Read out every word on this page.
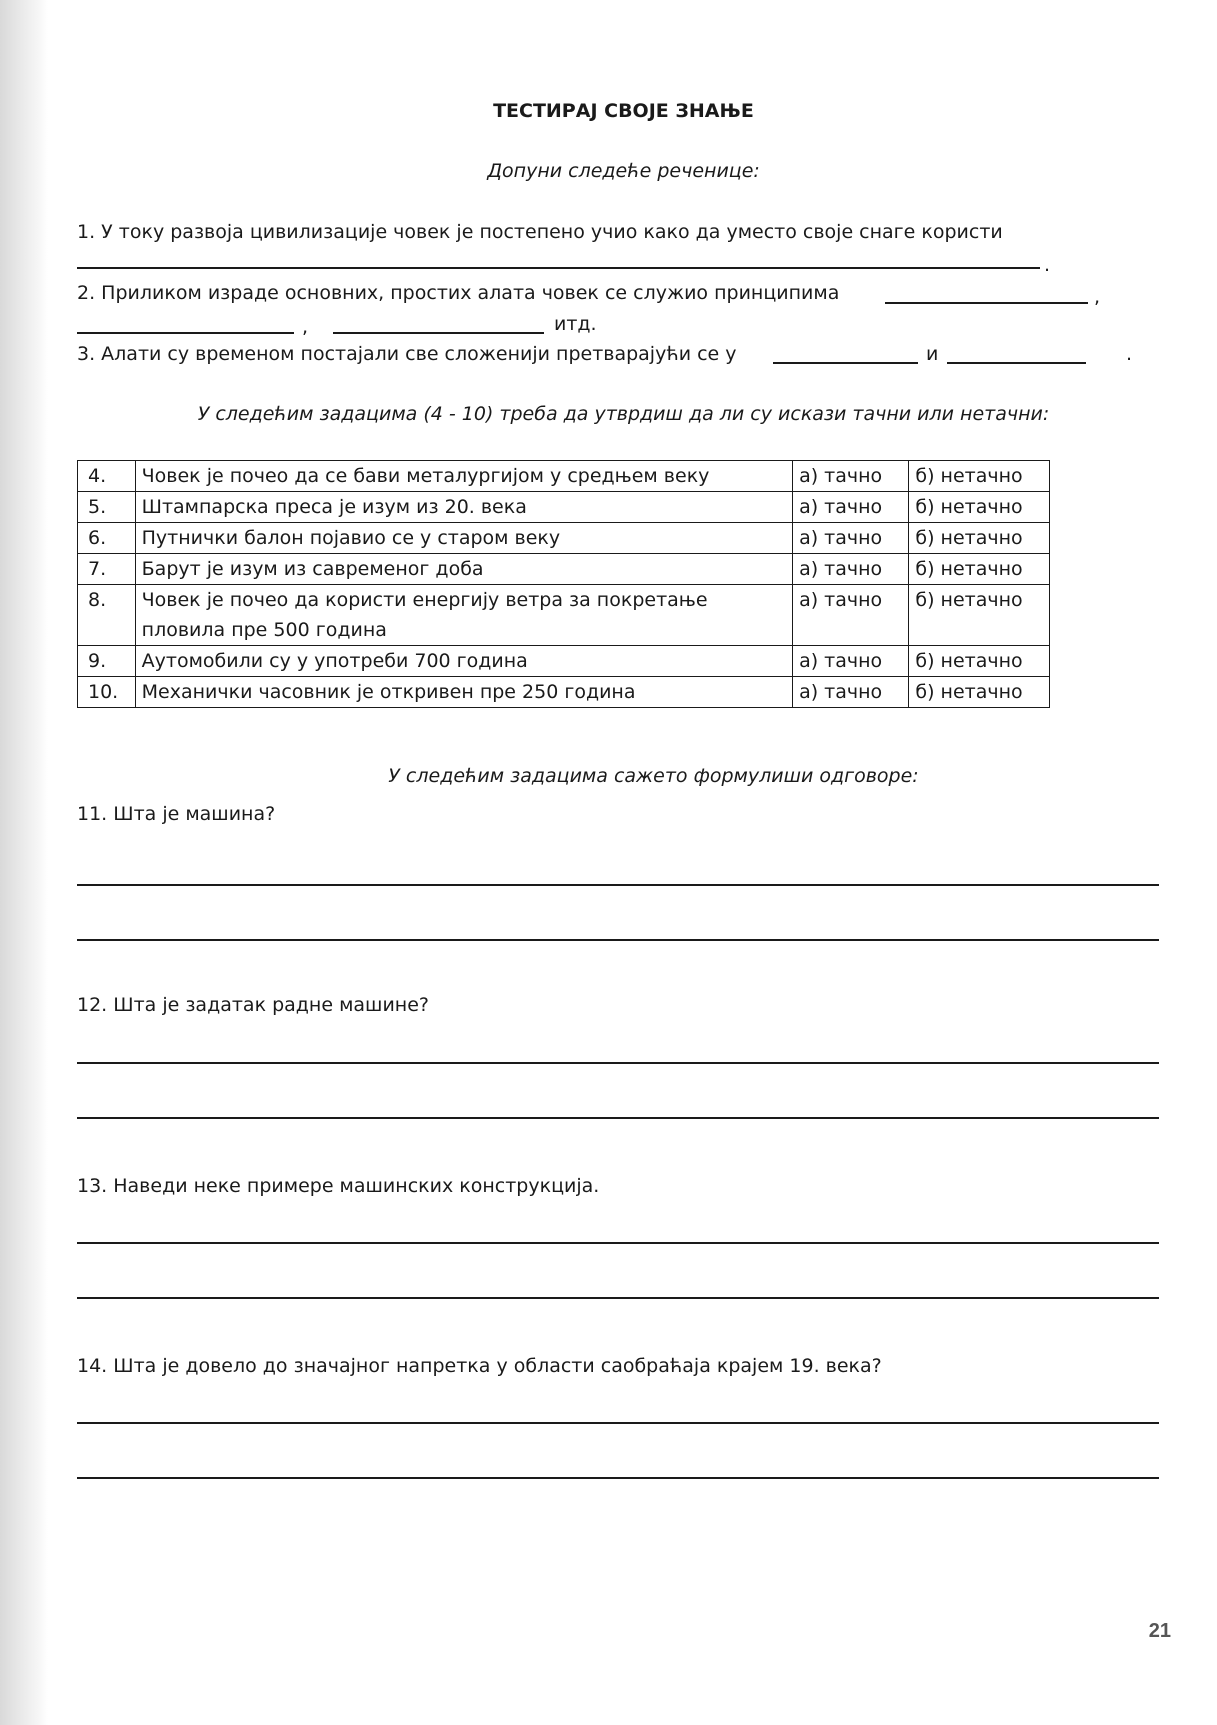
ТЕСТИРАЈ СВОЈЕ ЗНАЊЕ
Допуни следеће реченице:
1. У току развоја цивилизације човек је постепено учио како да уместо своје снаге користи
.
2. Приликом израде основних, простих алата човек се служио принципима	,
,	итд.
3. Алати су временом постајали све сложенији претварајући се у	и	.
У следећим задацима (4 - 10) треба да утврдиш да ли су искази тачни или нетачни:
4.	Човек је почео да се бави металургијом у средњем веку	а) тачно	б) нетачно
5.	Штампарска преса је изум из 20. века	а) тачно	б) нетачно
6.	Путнички балон појавио се у старом веку	а) тачно	б) нетачно
7.	Барут је изум из савременог доба	а) тачно	б) нетачно
8.	Човек је почео да користи енергију ветра за покретање
пловила пре 500 година	а) тачно	б) нетачно
9.	Аутомобили су у употреби 700 година	а) тачно	б) нетачно
10.	Механички часовник је откривен пре 250 година	а) тачно	б) нетачно
У следећим задацима сажето формулиши одговоре:
11. Шта је машина?
12. Шта је задатак радне машине?
13. Наведи неке примере машинских конструкција.
14. Шта је довело до значајног напретка у области саобраћаја крајем 19. века?
21
